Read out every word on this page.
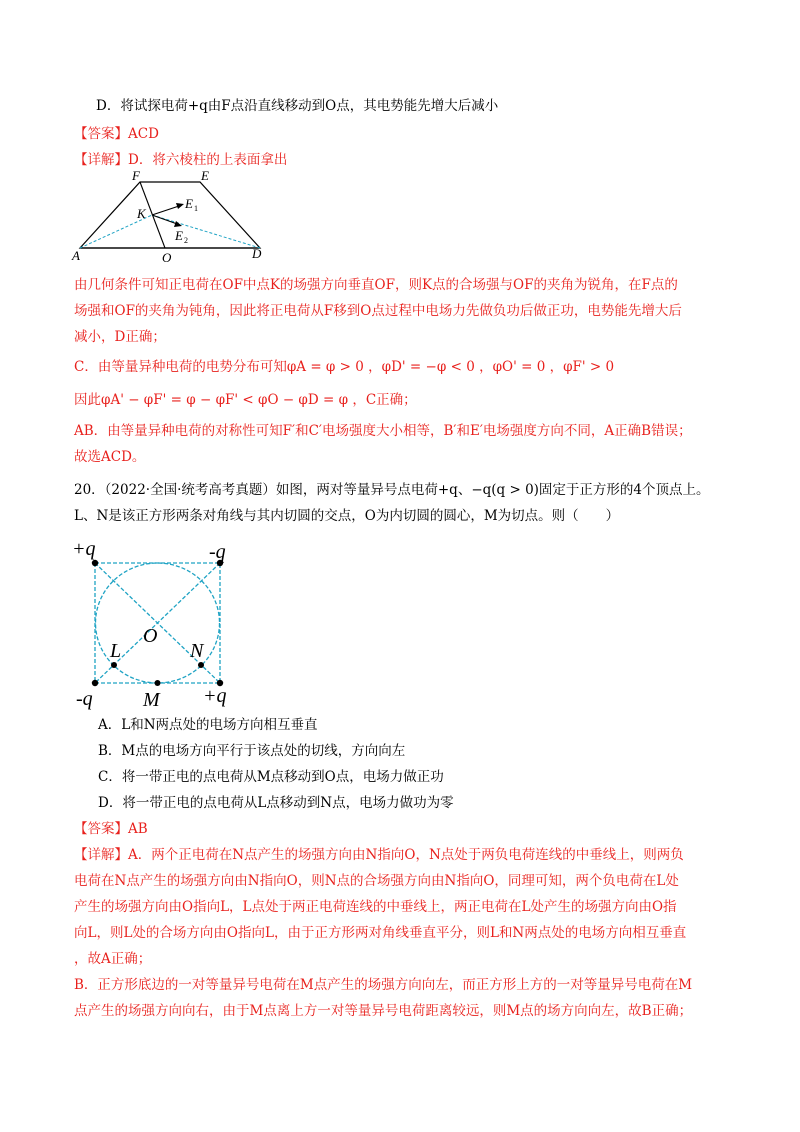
D．将试探电荷+q由F点沿直线移动到O点，其电势能先增大后减小
【答案】ACD
【详解】D．将六棱柱的上表面拿出
F	E
K
E 1
E 2
A	O	D
由几何条件可知正电荷在OF中点K的场强方向垂直OF，则K点的合场强与OF的夹角为锐角，在F点的
场强和OF的夹角为钝角，因此将正电荷从F移到O点过程中电场力先做负功后做正功，电势能先增大后
减小，D正确；
C．由等量异种电荷的电势分布可知φA = φ > 0 ，φD' = −φ < 0 ，φO' = 0 ，φF' > 0
因此φA' − φF' = φ − φF' < φO − φD = φ ，C正确；
AB．由等量异种电荷的对称性可知F′和C′电场强度大小相等，B′和E′电场强度方向不同，A正确B错误；
故选ACD。
20．（2022·全国·统考高考真题）如图，两对等量异号点电荷+q、−q(q > 0)固定于正方形的4个顶点上。
L、N是该正方形两条对角线与其内切圆的交点，O为内切圆的圆心，M为切点。则（　　）
+q	-q
-q	+q
L	N
O
M
A．L和N两点处的电场方向相互垂直
B．M点的电场方向平行于该点处的切线，方向向左
C．将一带正电的点电荷从M点移动到O点，电场力做正功
D．将一带正电的点电荷从L点移动到N点，电场力做功为零
【答案】AB
【详解】A．两个正电荷在N点产生的场强方向由N指向O，N点处于两负电荷连线的中垂线上，则两负
电荷在N点产生的场强方向由N指向O，则N点的合场强方向由N指向O，同理可知，两个负电荷在L处
产生的场强方向由O指向L，L点处于两正电荷连线的中垂线上，两正电荷在L处产生的场强方向由O指
向L，则L处的合场方向由O指向L，由于正方形两对角线垂直平分，则L和N两点处的电场方向相互垂直
，故A正确；
B．正方形底边的一对等量异号电荷在M点产生的场强方向向左，而正方形上方的一对等量异号电荷在M
点产生的场强方向向右，由于M点离上方一对等量异号电荷距离较远，则M点的场方向向左，故B正确；
